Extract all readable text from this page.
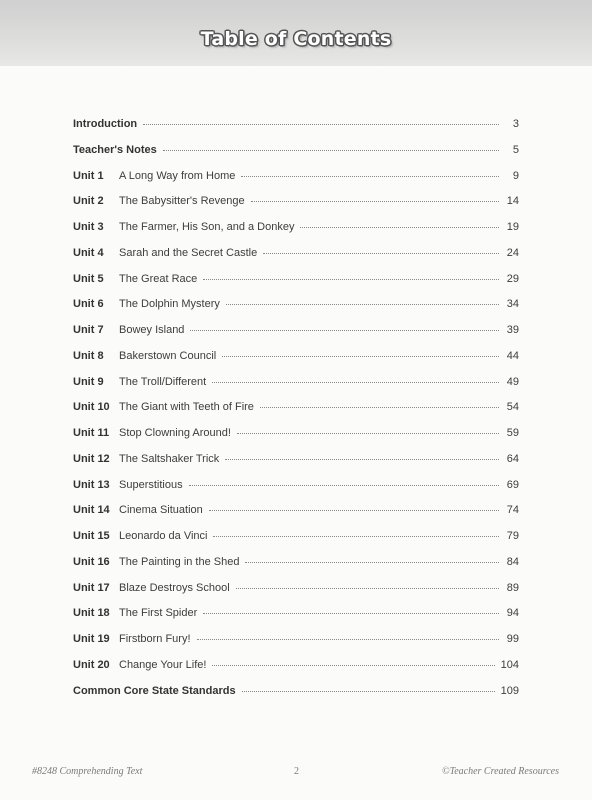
Table of Contents
Introduction	3
Teacher's Notes	5
Unit 1	A Long Way from Home	9
Unit 2	The Babysitter's Revenge	14
Unit 3	The Farmer, His Son, and a Donkey	19
Unit 4	Sarah and the Secret Castle	24
Unit 5	The Great Race	29
Unit 6	The Dolphin Mystery	34
Unit 7	Bowey Island	39
Unit 8	Bakerstown Council	44
Unit 9	The Troll/Different	49
Unit 10 The Giant with Teeth of Fire	54
Unit 11 Stop Clowning Around!	59
Unit 12 The Saltshaker Trick	64
Unit 13 Superstitious	69
Unit 14 Cinema Situation	74
Unit 15 Leonardo da Vinci	79
Unit 16 The Painting in the Shed	84
Unit 17 Blaze Destroys School	89
Unit 18 The First Spider	94
Unit 19 Firstborn Fury!	99
Unit 20 Change Your Life!	104
Common Core State Standards	109
#8248 Comprehending Text	2	©Teacher Created Resources
